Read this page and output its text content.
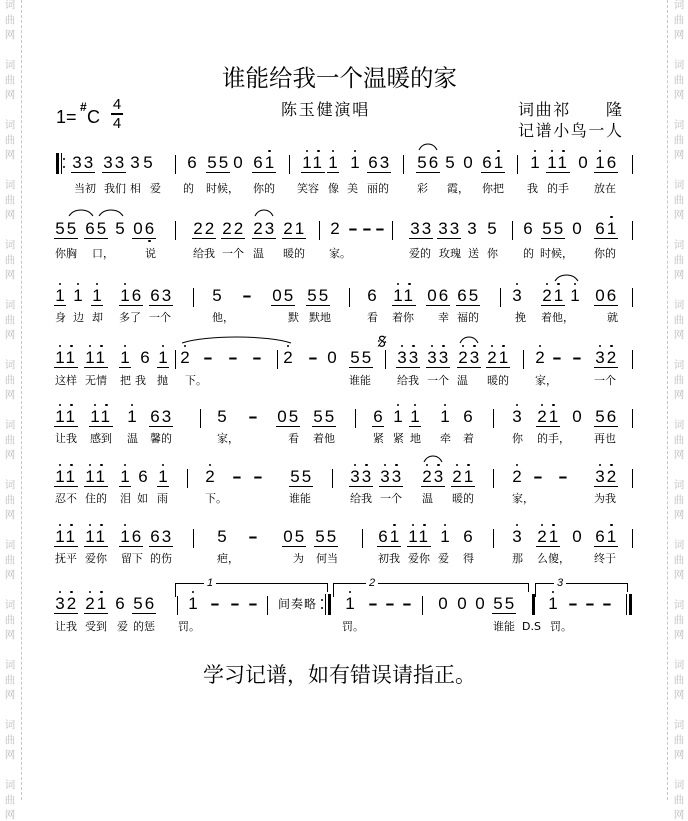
词
曲
网
词
曲
网
词
曲
网
词
曲
网
词
曲
网
词
曲
网
词
曲
网
词
曲
网
词
曲
网
词
曲
网
词
曲
网
词
曲
网
词
曲
网
词
曲
网
词
曲
网
词
曲
网
词
曲
网
词
曲
网
词
曲
网
词
曲
网
词
曲
网
词
曲
网
词
曲
网
词
曲
网
词
曲
网
词
曲
网
词
曲
网
词
曲
网
谁能给我一个温暖的家
1= # C
4
4
陈玉健演唱	词曲祁　　隆
记谱小鸟一人
33 33 3 5 6 55 0 61 11 1 1 63 56 5 0 61 1 11 0 16
当初 我们 相 爱 的 时候， 你的 笑容 像 美 丽的	彩 霞， 你把 我 的手 放在
55 65 5 06 22 22 23 21 2 - - - 33 33 3 5 6 55 0 61
你胸 口，	说	给我 一个 温 暖的 家。	爱的 玫瑰 送 你 的 时候， 你的
1 1 1 16 63 5 - 05 55 6 11 06 65 3 21 1 06
身 边 却 多了 一个	他，	默 默地	看 着你 幸 福的	挽 着他，	就
11 11 1 6 1 2 - - - 2 - 0 55 33 33 23 21 2 - - 32
这样 无情 把 我 抛 下。	谁能 给我 一个 温 暖的 家，	一个
11 11 1 63	5 - 05 55 6 1 1 1 6 3 21 0 56
让我 感到 温 馨的	家，	看 着他	紧 紧 地 牵 着	你 的手， 再也
11 11 1 6 1 2 - - 55 33 33 23 21 2 - - 32
忍不 住的 泪 如 雨	下。	谁能	给我 一个 温 暖的	家，	为我
11 11 16 63	5 - 05 55 61 11 1 6 3 21 0 61
抚平 爱你 留下 的伤	疤，	为 何当	初我 爱你 爱 得	那 么傻， 终于
32 21 6 56 1 - - - 间奏略 1 - - - 0 0 0 55 1 - - -
1	2	3
让我 受到 爱 的惩 罚。	罚。	谁能 D.S 罚。
学习记谱，如有错误请指正。
